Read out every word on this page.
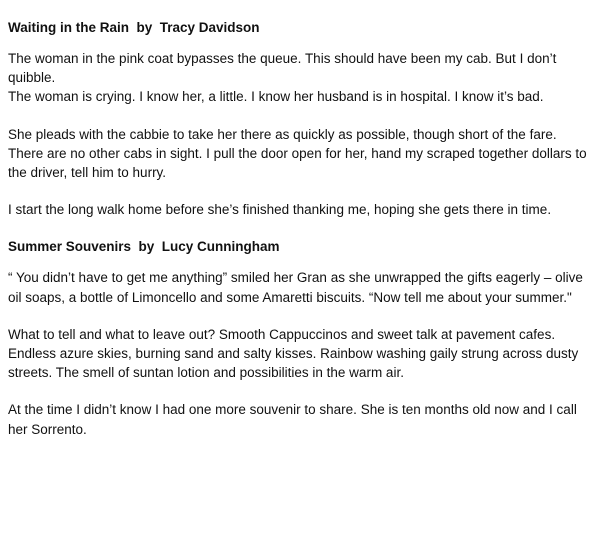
Waiting in the Rain  by  Tracy Davidson

The woman in the pink coat bypasses the queue. This should have been my cab. But I don’t quibble.
The woman is crying. I know her, a little. I know her husband is in hospital. I know it’s bad.

She pleads with the cabbie to take her there as quickly as possible, though short of the fare. There are no other cabs in sight. I pull the door open for her, hand my scraped together dollars to the driver, tell him to hurry.

I start the long walk home before she’s finished thanking me, hoping she gets there in time.

Summer Souvenirs  by  Lucy Cunningham

“ You didn’t have to get me anything” smiled her Gran as she unwrapped the gifts eagerly – olive oil soaps, a bottle of Limoncello and some Amaretti biscuits. “Now tell me about your summer."

What to tell and what to leave out? Smooth Cappuccinos and sweet talk at pavement cafes. Endless azure skies, burning sand and salty kisses. Rainbow washing gaily strung across dusty streets. The smell of suntan lotion and possibilities in the warm air.

At the time I didn’t know I had one more souvenir to share. She is ten months old now and I call her Sorrento.
